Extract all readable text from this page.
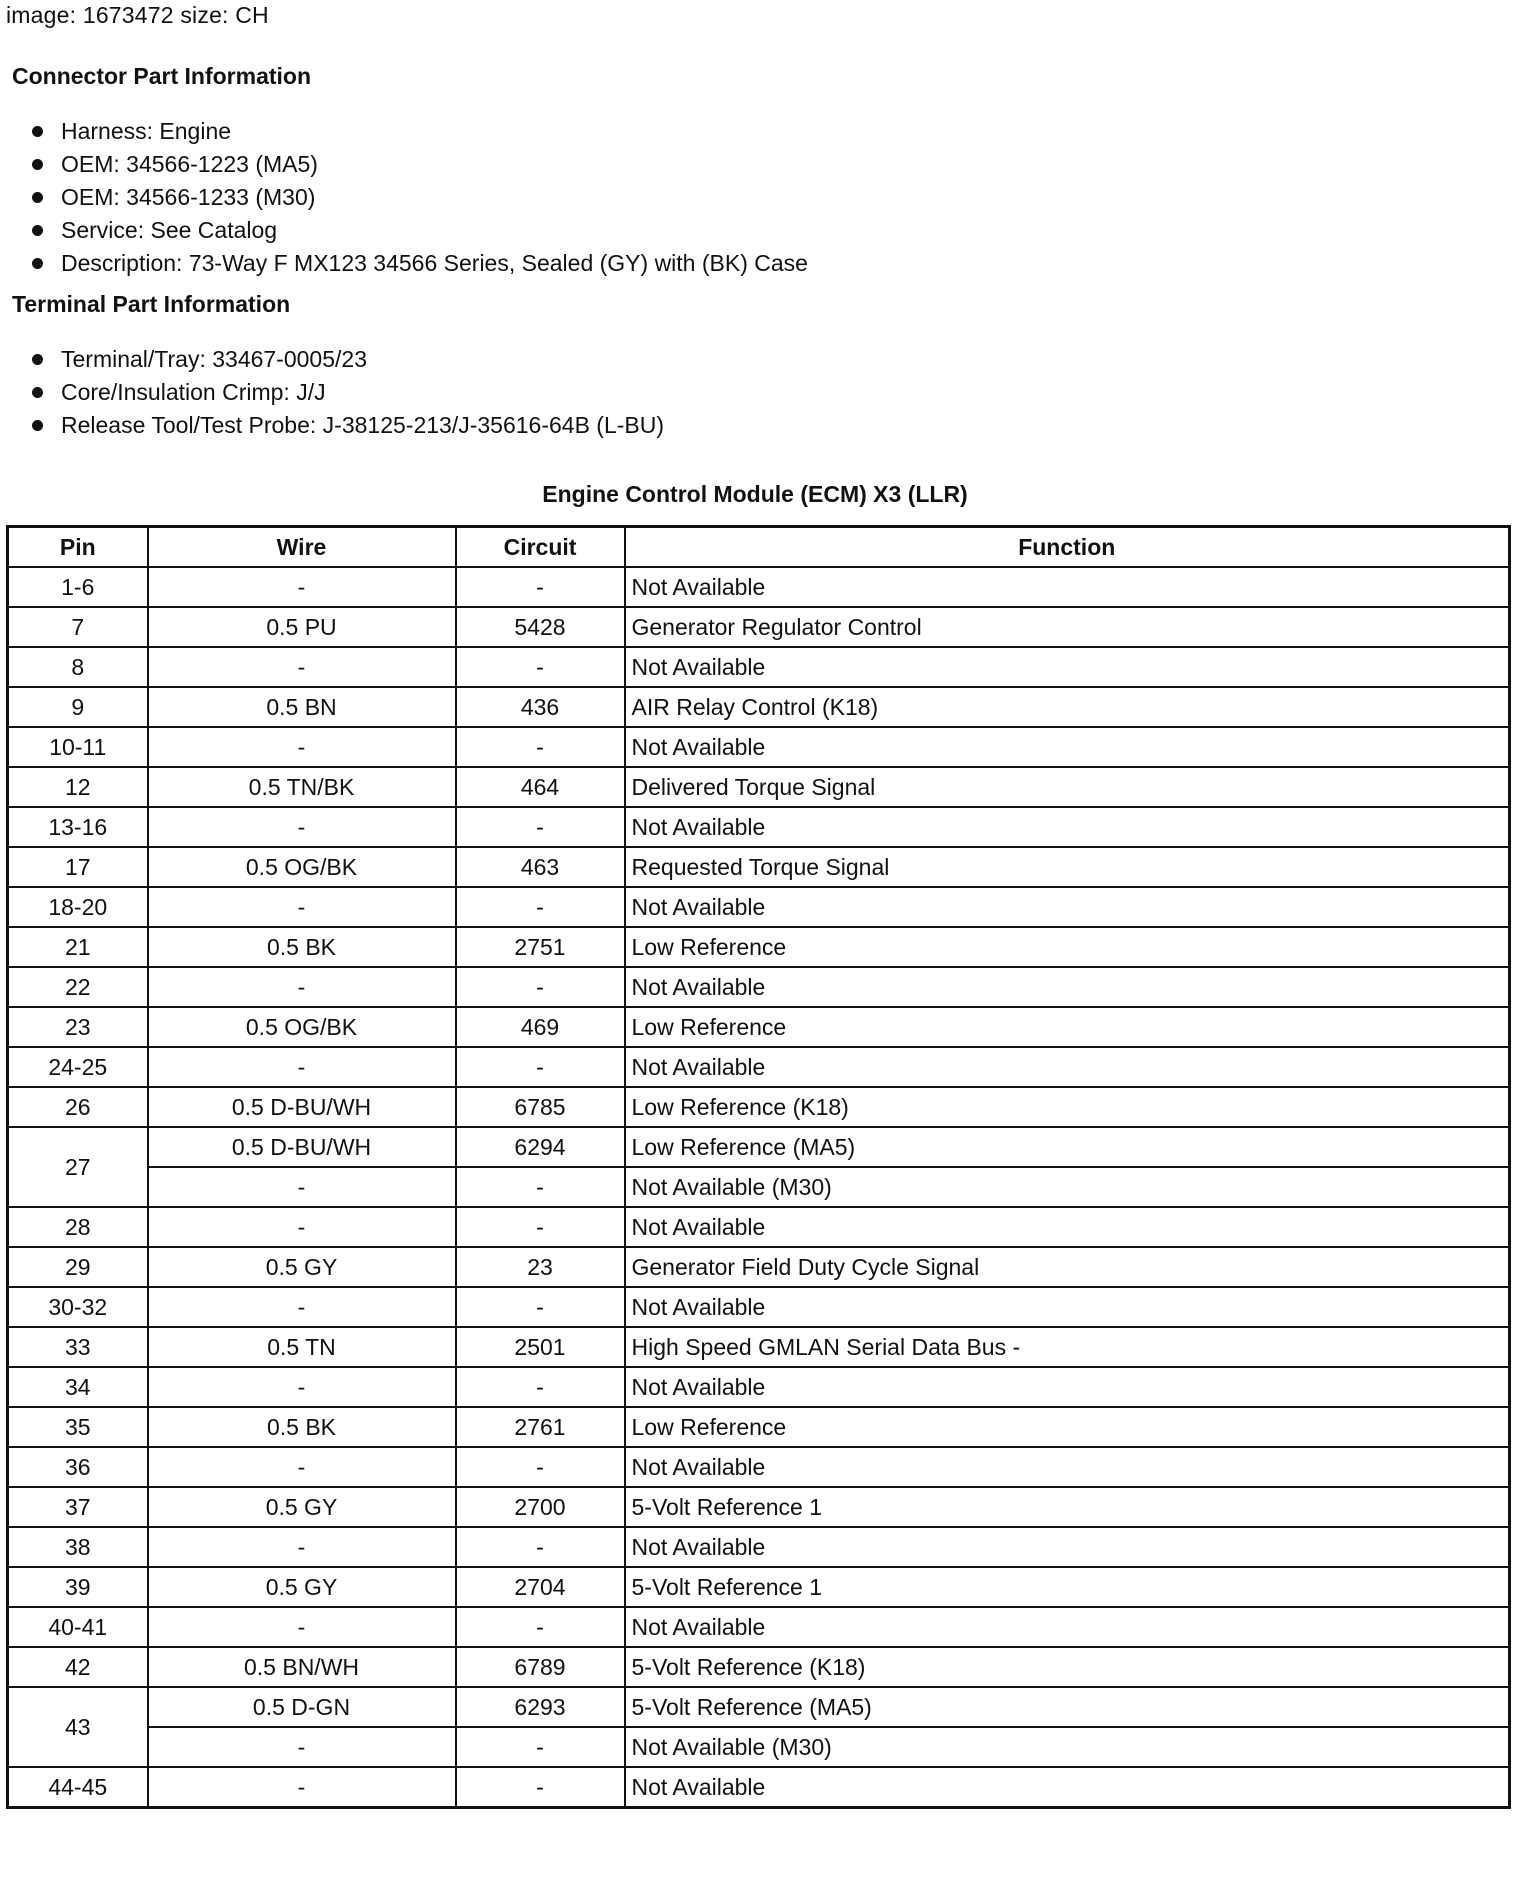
image: 1673472 size: CH
Connector Part Information
Harness: Engine
OEM: 34566-1223 (MA5)
OEM: 34566-1233 (M30)
Service: See Catalog
Description: 73-Way F MX123 34566 Series, Sealed (GY) with (BK) Case
Terminal Part Information
Terminal/Tray: 33467-0005/23
Core/Insulation Crimp: J/J
Release Tool/Test Probe: J-38125-213/J-35616-64B (L-BU)
Engine Control Module (ECM) X3 (LLR)
Pin	Wire	Circuit	Function
1-6	-	-	Not Available
7	0.5 PU	5428	Generator Regulator Control
8	-	-	Not Available
9	0.5 BN	436	AIR Relay Control (K18)
10-11	-	-	Not Available
12	0.5 TN/BK	464	Delivered Torque Signal
13-16	-	-	Not Available
17	0.5 OG/BK	463	Requested Torque Signal
18-20	-	-	Not Available
21	0.5 BK	2751	Low Reference
22	-	-	Not Available
23	0.5 OG/BK	469	Low Reference
24-25	-	-	Not Available
26	0.5 D-BU/WH	6785	Low Reference (K18)
27	0.5 D-BU/WH	6294	Low Reference (MA5)
	-	-	Not Available (M30)
28	-	-	Not Available
29	0.5 GY	23	Generator Field Duty Cycle Signal
30-32	-	-	Not Available
33	0.5 TN	2501	High Speed GMLAN Serial Data Bus -
34	-	-	Not Available
35	0.5 BK	2761	Low Reference
36	-	-	Not Available
37	0.5 GY	2700	5-Volt Reference 1
38	-	-	Not Available
39	0.5 GY	2704	5-Volt Reference 1
40-41	-	-	Not Available
42	0.5 BN/WH	6789	5-Volt Reference (K18)
43	0.5 D-GN	6293	5-Volt Reference (MA5)
	-	-	Not Available (M30)
44-45	-	-	Not Available
